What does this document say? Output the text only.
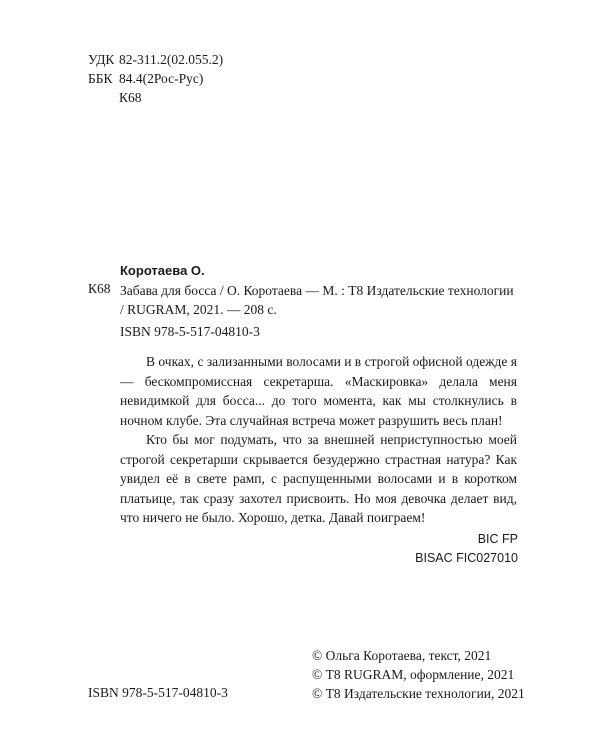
УДК 82-311.2(02.055.2)
ББК 84.4(2Рос-Рус)
К68
Коротаева О.
К68 Забава для босса / О. Коротаева — М. : Т8 Издательские технологии / RUGRAM, 2021. — 208 с.
ISBN 978-5-517-04810-3

В очках, с зализанными волосами и в строгой офисной одежде я — бескомпромиссная секретарша. «Маскировка» делала меня невидимкой для босса... до того момента, как мы столкнулись в ночном клубе. Эта случайная встреча может разрушить весь план!

Кто бы мог подумать, что за внешней неприступностью моей строгой секретарши скрывается безудержно страстная натура? Как увидел её в свете рамп, с распущенными волосами и в коротком платьице, так сразу захотел присвоить. Но моя девочка делает вид, что ничего не было. Хорошо, детка. Давай поиграем!

BIC FP
BISAC FIC027010
© Ольга Коротаева, текст, 2021
© Т8 RUGRAM, оформление, 2021
© Т8 Издательские технологии, 2021
ISBN 978-5-517-04810-3
